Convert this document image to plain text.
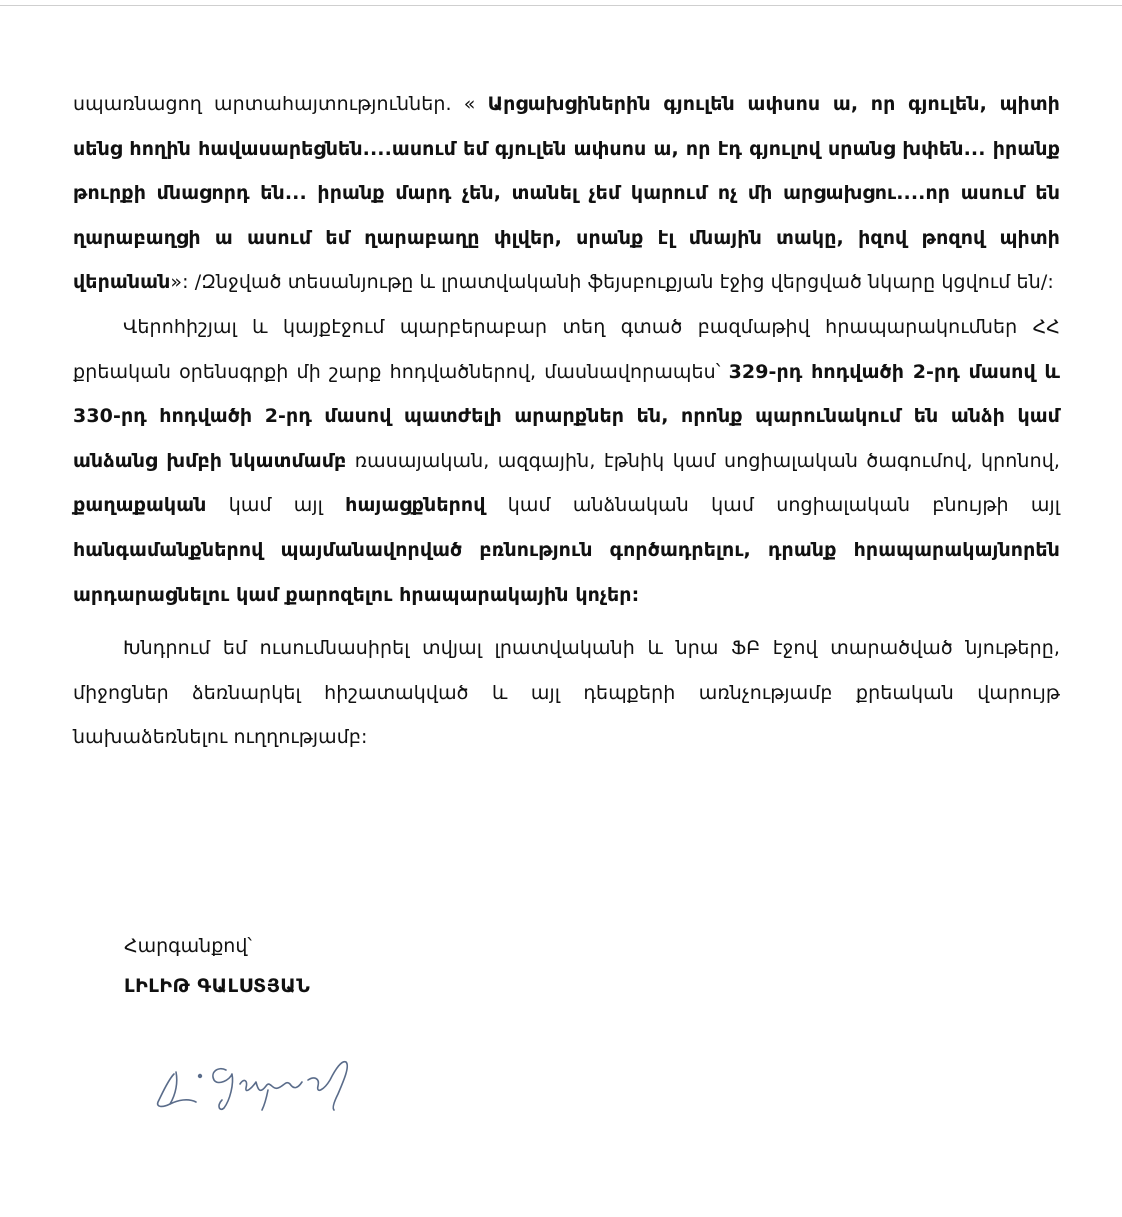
սպառնացող արտահայտություններ. « Արցախցիներին գյուլեն ափսոս ա, որ գյուլեն, պիտի սենց հողին հավասարեցնեն....ասում եմ գյուլեն ափսոս ա, որ էդ գյուլով սրանց խփեն... իրանք թուրքի մնացորդ են... իրանք մարդ չեն, տանել չեմ կարում ոչ մի արցախցու....որ ասում են ղարաբաղցի ա ասում եմ ղարաբաղը փլվեր, սրանք էլ մնային տակը, իզով թոզով պիտի վերանան»: /Զնջված տեսանյութը և լրատվականի ֆեյսբուքյան էջից վերցված նկարը կցվում են/:

Վերոհիշյալ և կայքէջում պարբերաբար տեղ գտած բազմաթիվ հրապարակումներ ՀՀ քրեական օրենսգրքի մի շարք հոդվածներով, մասնավորապես՝ 329-րդ հոդվածի 2-րդ մասով և 330-րդ հոդվածի 2-րդ մասով պատժելի արարքներ են, որոնք պարունակում են անձի կամ անձանց խմբի նկատմամբ ռասայական, ազգային, էթնիկ կամ սոցիալական ծագումով, կրոնով, քաղաքական կամ այլ հայացքներով կամ անձնական կամ սոցիալական բնույթի այլ հանգամանքներով պայմանավորված բռնություն գործադրելու, դրանք հրապարակայնորեն արդարացնելու կամ քարոզելու հրապարակային կոչեր:

Խնդրում եմ ուսումնասիրել տվյալ լրատվականի և նրա ՖԲ էջով տարածված նյութերը, միջոցներ ձեռնարկել հիշատակված և այլ դեպքերի առնչությամբ քրեական վարույթ նախաձեռնելու ուղղությամբ:

Հարգանքով՝
ԼԻԼԻԹ ԳԱԼՍՏՅԱՆ
